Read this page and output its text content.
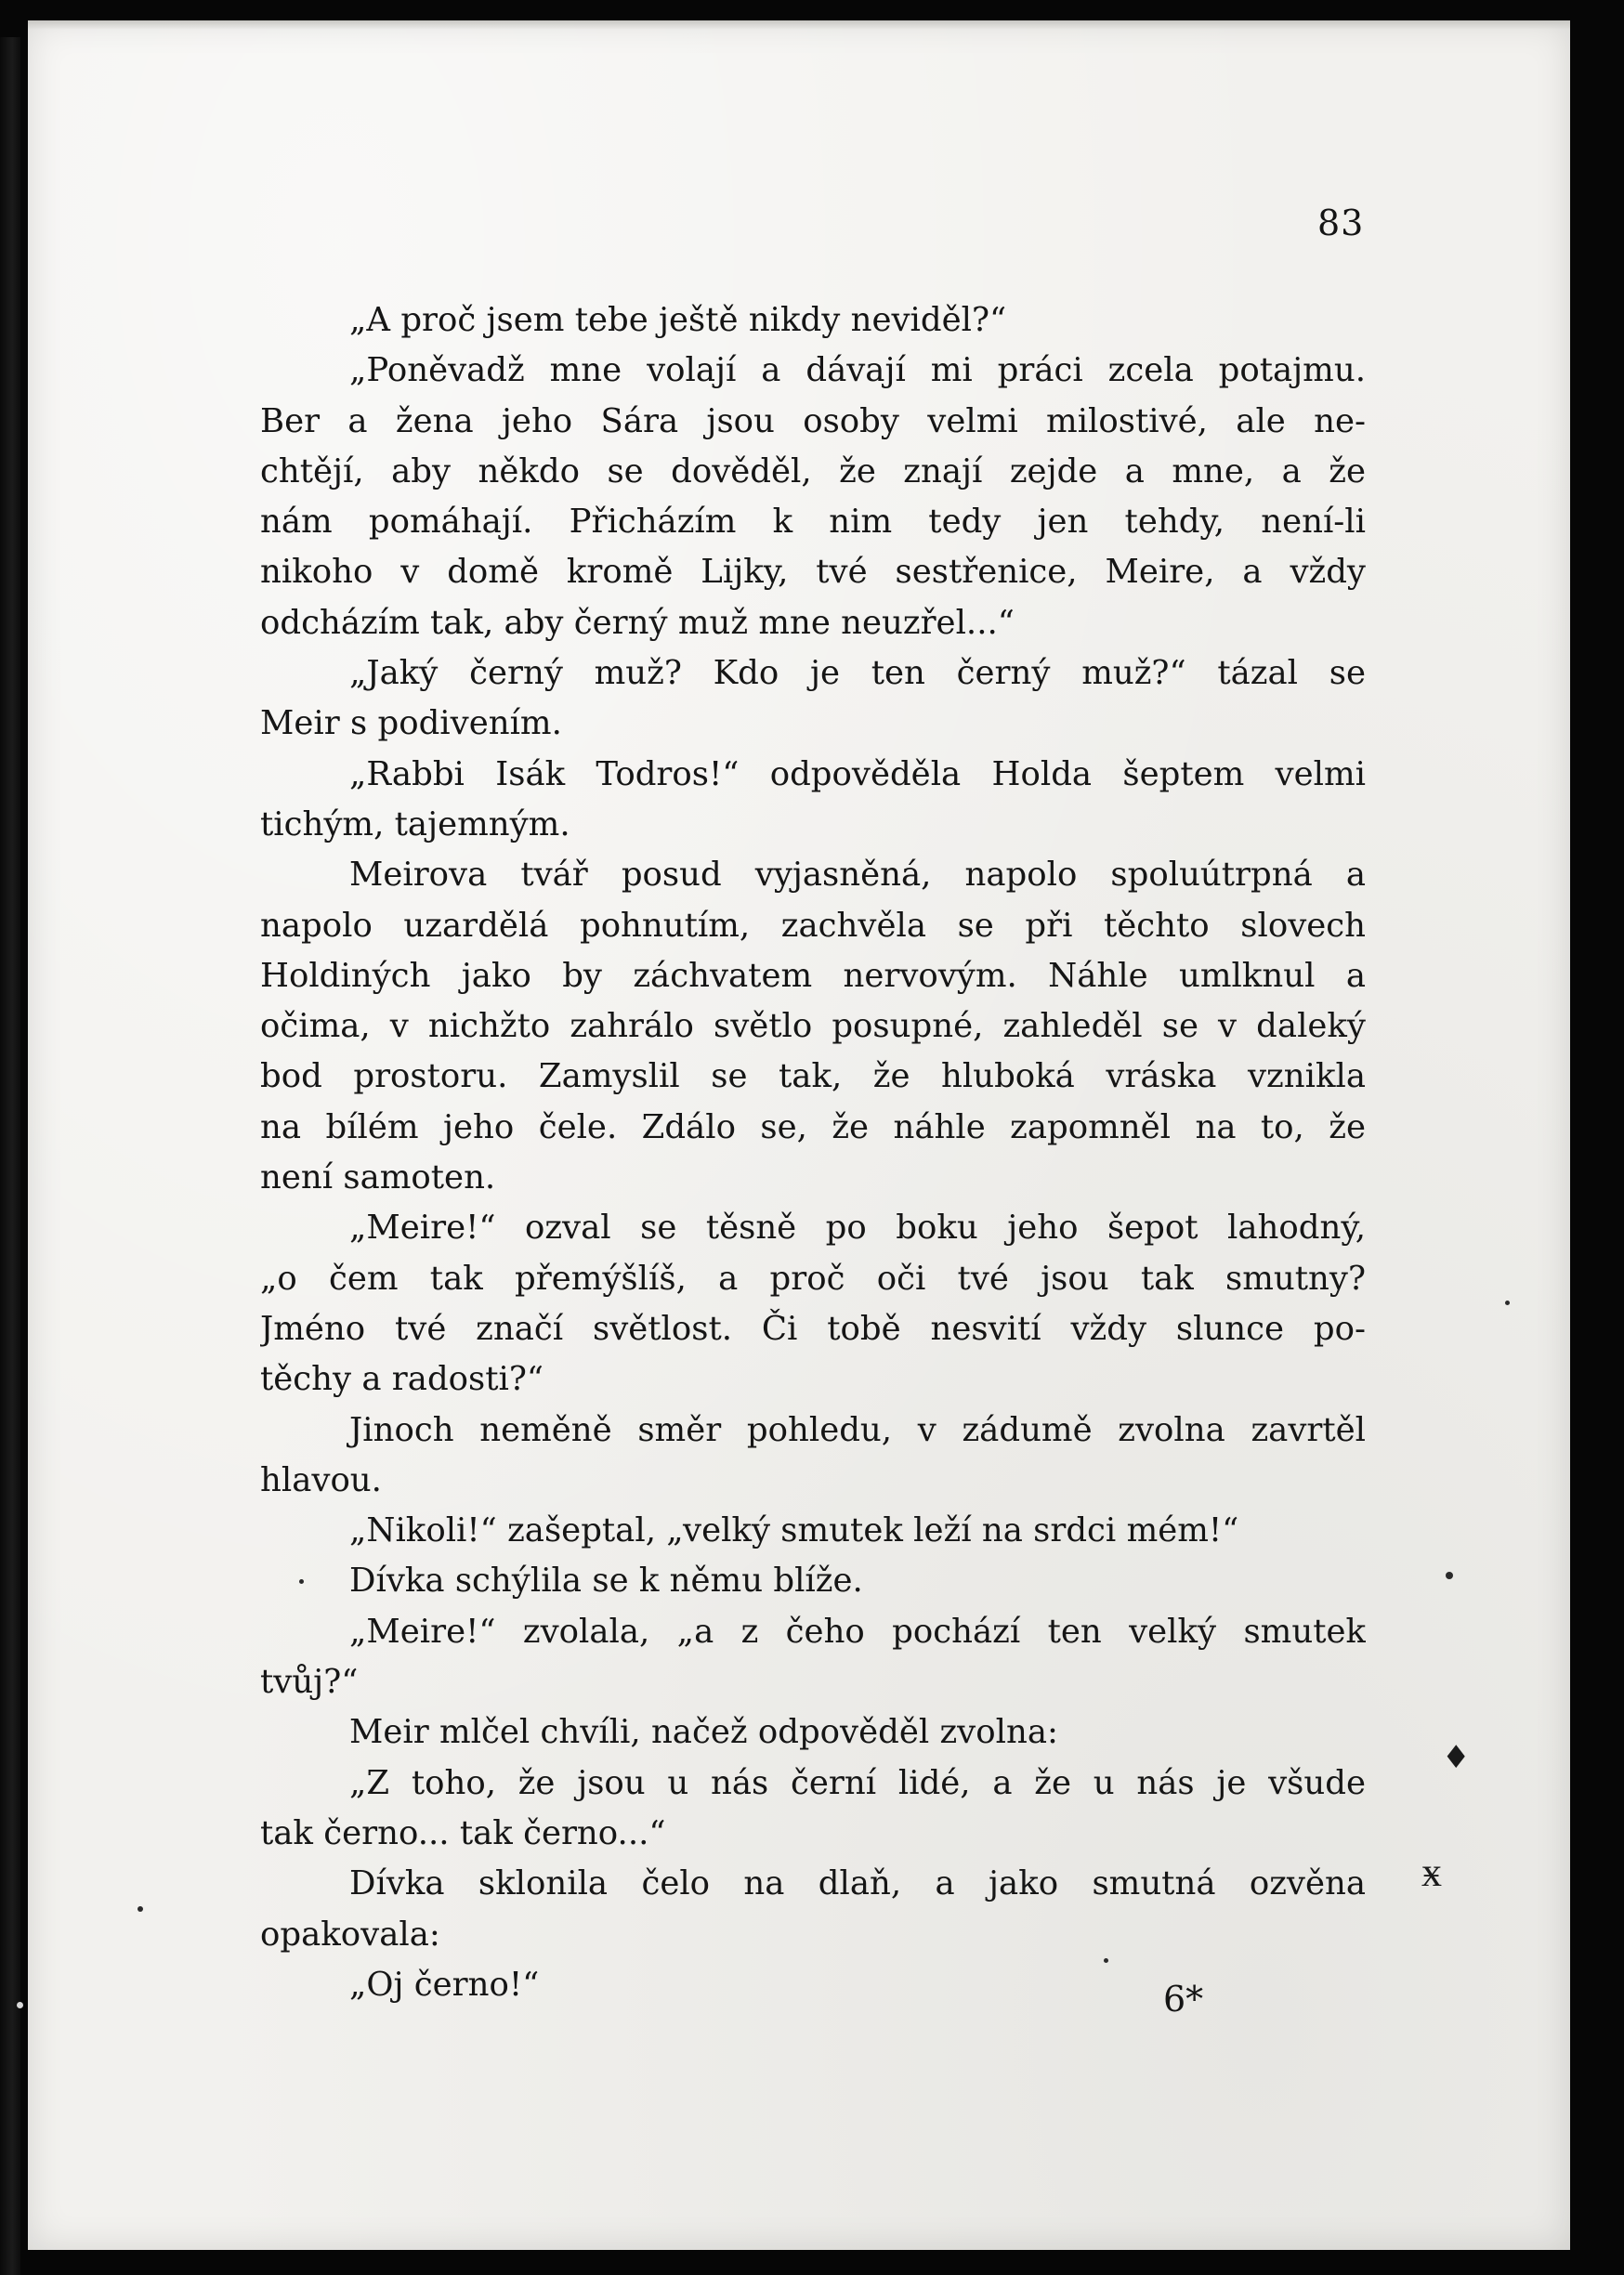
83
„A proč jsem tebe ještě nikdy neviděl?“
„Poněvadž mne volají a dávají mi práci zcela potajmu.
Ber a žena jeho Sára jsou osoby velmi milostivé, ale ne-
chtějí, aby někdo se dověděl, že znají zejde a mne, a že
nám pomáhají. Přicházím k nim tedy jen tehdy, není-li
nikoho v domě kromě Lijky, tvé sestřenice, Meire, a vždy
odcházím tak, aby černý muž mne neuzřel...“
„Jaký černý muž? Kdo je ten černý muž?“ tázal se
Meir s podivením.
„Rabbi Isák Todros!“ odpověděla Holda šeptem velmi
tichým, tajemným.
Meirova tvář posud vyjasněná, napolo spoluútrpná a
napolo uzardělá pohnutím, zachvěla se při těchto slovech
Holdiných jako by záchvatem nervovým. Náhle umlknul a
očima, v nichžto zahrálo světlo posupné, zahleděl se v daleký
bod prostoru. Zamyslil se tak, že hluboká vráska vznikla
na bílém jeho čele. Zdálo se, že náhle zapomněl na to, že
není samoten.
„Meire!“ ozval se těsně po boku jeho šepot lahodný,
„o čem tak přemýšlíš, a proč oči tvé jsou tak smutny?
Jméno tvé značí světlost. Či tobě nesvití vždy slunce po-
těchy a radosti?“
Jinoch neměně směr pohledu, v zádumě zvolna zavrtěl
hlavou.
„Nikoli!“ zašeptal, „velký smutek leží na srdci mém!“
Dívka schýlila se k němu blíže.
„Meire!“ zvolala, „a z čeho pochází ten velký smutek
tvůj?“
Meir mlčel chvíli, načež odpověděl zvolna:
„Z toho, že jsou u nás černí lidé, a že u nás je všude
tak černo... tak černo...“
Dívka sklonila čelo na dlaň, a jako smutná ozvěna
opakovala:
„Oj černo!“	6*
♦
ӿ
